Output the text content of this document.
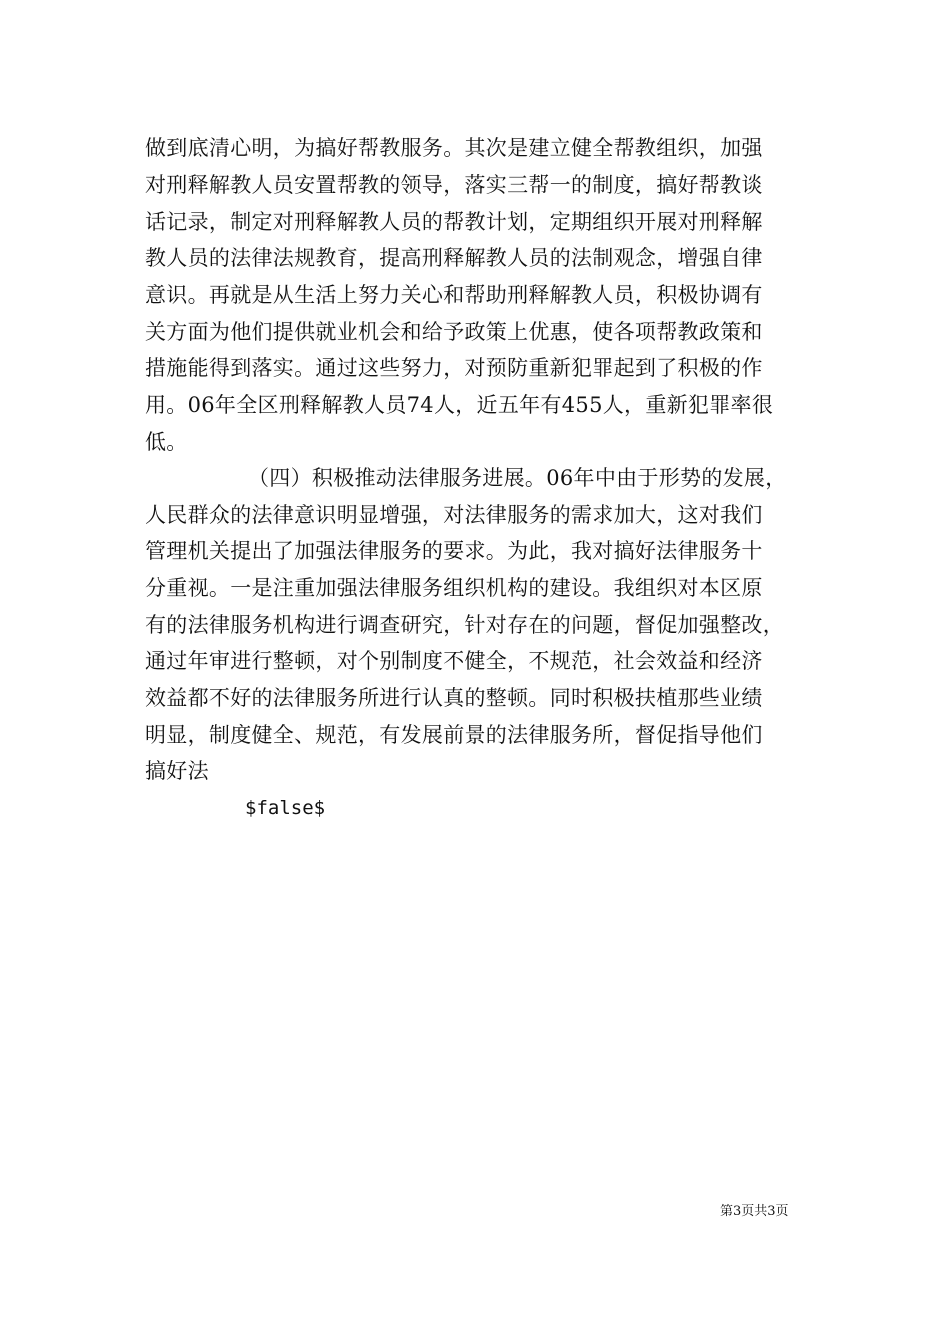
做到底清心明，为搞好帮教服务。其次是建立健全帮教组织，加强
对刑释解教人员安置帮教的领导，落实三帮一的制度，搞好帮教谈
话记录，制定对刑释解教人员的帮教计划，定期组织开展对刑释解
教人员的法律法规教育，提高刑释解教人员的法制观念，增强自律
意识。再就是从生活上努力关心和帮助刑释解教人员，积极协调有
关方面为他们提供就业机会和给予政策上优惠，使各项帮教政策和
措施能得到落实。通过这些努力，对预防重新犯罪起到了积极的作
用。06年全区刑释解教人员74人，近五年有455人，重新犯罪率很
低。
（四）积极推动法律服务进展。06年中由于形势的发展，
人民群众的法律意识明显增强，对法律服务的需求加大，这对我们
管理机关提出了加强法律服务的要求。为此，我对搞好法律服务十
分重视。一是注重加强法律服务组织机构的建设。我组织对本区原
有的法律服务机构进行调查研究，针对存在的问题，督促加强整改，
通过年审进行整顿，对个别制度不健全，不规范，社会效益和经济
效益都不好的法律服务所进行认真的整顿。同时积极扶植那些业绩
明显，制度健全、规范，有发展前景的法律服务所，督促指导他们
搞好法
$false$
第3页共3页
